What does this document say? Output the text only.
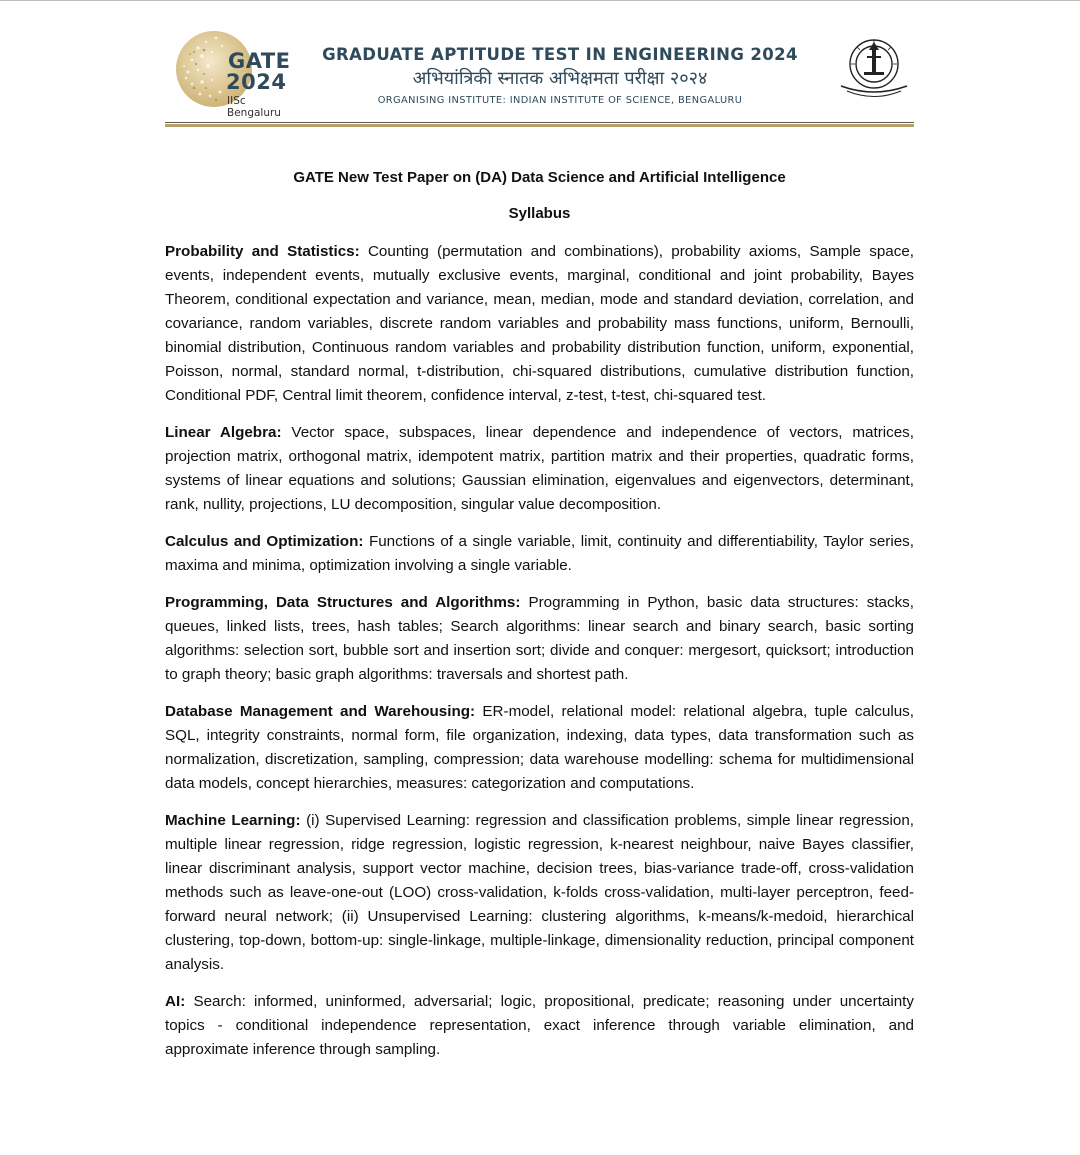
GATE
2024
IISc Bengaluru
GRADUATE APTITUDE TEST IN ENGINEERING 2024
अभियांत्रिकी स्नातक अभिक्षमता परीक्षा २०२४
ORGANISING INSTITUTE: INDIAN INSTITUTE OF SCIENCE, BENGALURU
GATE New Test Paper on (DA) Data Science and Artificial Intelligence
Syllabus

Probability and Statistics: Counting (permutation and combinations), probability axioms, Sample space, events, independent events, mutually exclusive events, marginal, conditional and joint probability, Bayes Theorem, conditional expectation and variance, mean, median, mode and standard deviation, correlation, and covariance, random variables, discrete random variables and probability mass functions, uniform, Bernoulli, binomial distribution, Continuous random variables and probability distribution function, uniform, exponential, Poisson, normal, standard normal, t-distribution, chi-squared distributions, cumulative distribution function, Conditional PDF, Central limit theorem, confidence interval, z-test, t-test, chi-squared test.

Linear Algebra: Vector space, subspaces, linear dependence and independence of vectors, matrices, projection matrix, orthogonal matrix, idempotent matrix, partition matrix and their properties, quadratic forms, systems of linear equations and solutions; Gaussian elimination, eigenvalues and eigenvectors, determinant, rank, nullity, projections, LU decomposition, singular value decomposition.

Calculus and Optimization: Functions of a single variable, limit, continuity and differentiability, Taylor series, maxima and minima, optimization involving a single variable.

Programming, Data Structures and Algorithms: Programming in Python, basic data structures: stacks, queues, linked lists, trees, hash tables; Search algorithms: linear search and binary search, basic sorting algorithms: selection sort, bubble sort and insertion sort; divide and conquer: mergesort, quicksort; introduction to graph theory; basic graph algorithms: traversals and shortest path.

Database Management and Warehousing: ER-model, relational model: relational algebra, tuple calculus, SQL, integrity constraints, normal form, file organization, indexing, data types, data transformation such as normalization, discretization, sampling, compression; data warehouse modelling: schema for multidimensional data models, concept hierarchies, measures: categorization and computations.

Machine Learning: (i) Supervised Learning: regression and classification problems, simple linear regression, multiple linear regression, ridge regression, logistic regression, k-nearest neighbour, naive Bayes classifier, linear discriminant analysis, support vector machine, decision trees, bias-variance trade-off, cross-validation methods such as leave-one-out (LOO) cross-validation, k-folds cross-validation, multi-layer perceptron, feed-forward neural network; (ii) Unsupervised Learning: clustering algorithms, k-means/k-medoid, hierarchical clustering, top-down, bottom-up: single-linkage, multiple-linkage, dimensionality reduction, principal component analysis.

AI: Search: informed, uninformed, adversarial; logic, propositional, predicate; reasoning under uncertainty topics - conditional independence representation, exact inference through variable elimination, and approximate inference through sampling.
